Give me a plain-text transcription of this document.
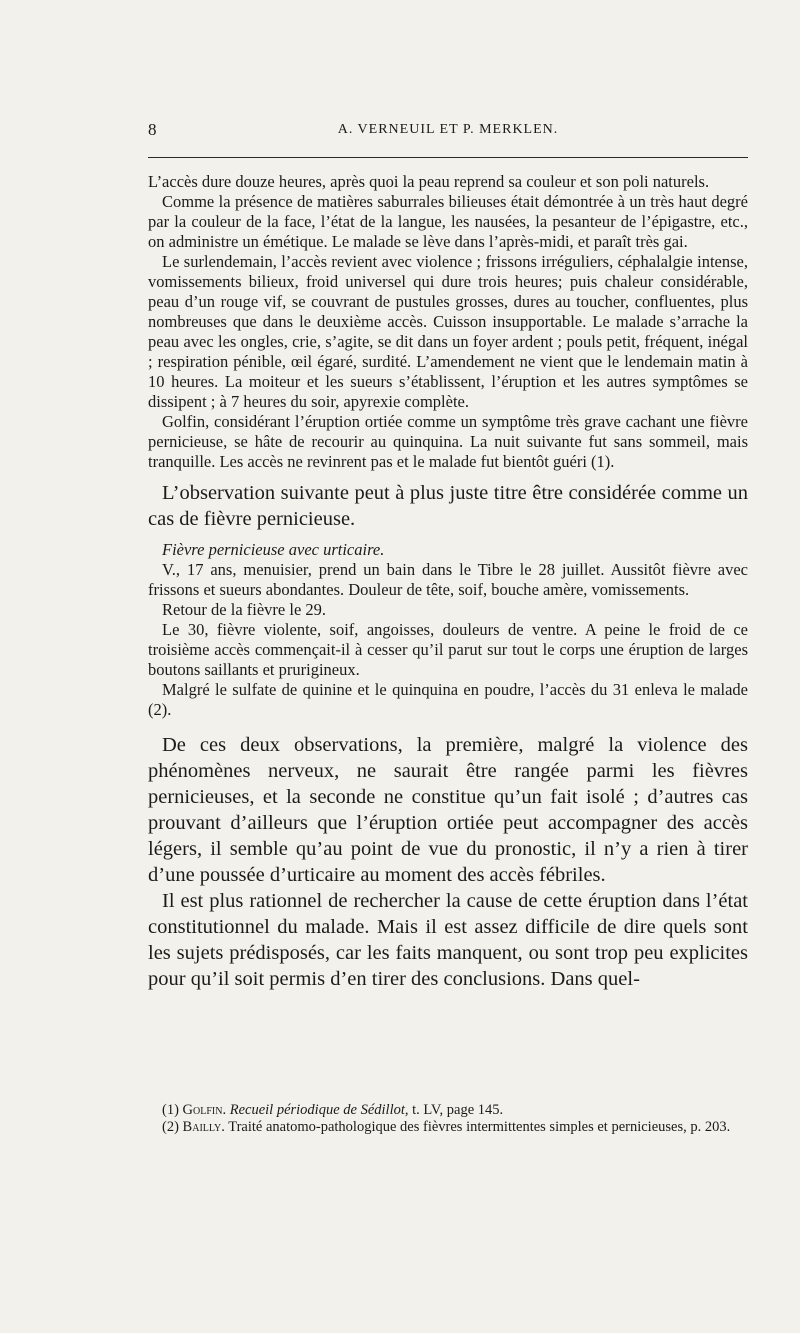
8	A. VERNEUIL ET P. MERKLEN.

L’accès dure douze heures, après quoi la peau reprend sa couleur et son poli naturels.

Comme la présence de matières saburrales bilieuses était démontrée à un très haut degré par la couleur de la face, l’état de la langue, les nausées, la pesanteur de l’épigastre, etc., on administre un émétique. Le malade se lève dans l’après-midi, et paraît très gai.

Le surlendemain, l’accès revient avec violence ; frissons irréguliers, céphalalgie intense, vomissements bilieux, froid universel qui dure trois heures; puis chaleur considérable, peau d’un rouge vif, se couvrant de pustules grosses, dures au toucher, confluentes, plus nombreuses que dans le deuxième accès. Cuisson insupportable. Le malade s’arrache la peau avec les ongles, crie, s’agite, se dit dans un foyer ardent ; pouls petit, fréquent, inégal ; respiration pénible, œil égaré, surdité. L’amendement ne vient que le lendemain matin à 10 heures. La moiteur et les sueurs s’établissent, l’éruption et les autres symptômes se dissipent ; à 7 heures du soir, apyrexie complète.

Golfin, considérant l’éruption ortiée comme un symptôme très grave cachant une fièvre pernicieuse, se hâte de recourir au quinquina. La nuit suivante fut sans sommeil, mais tranquille. Les accès ne revinrent pas et le malade fut bientôt guéri (1).

L’observation suivante peut à plus juste titre être considérée comme un cas de fièvre pernicieuse.

Fièvre pernicieuse avec urticaire.

V., 17 ans, menuisier, prend un bain dans le Tibre le 28 juillet. Aussitôt fièvre avec frissons et sueurs abondantes. Douleur de tête, soif, bouche amère, vomissements.

Retour de la fièvre le 29.

Le 30, fièvre violente, soif, angoisses, douleurs de ventre. A peine le froid de ce troisième accès commençait-il à cesser qu’il parut sur tout le corps une éruption de larges boutons saillants et prurigineux.

Malgré le sulfate de quinine et le quinquina en poudre, l’accès du 31 enleva le malade (2).

De ces deux observations, la première, malgré la violence des phénomènes nerveux, ne saurait être rangée parmi les fièvres pernicieuses, et la seconde ne constitue qu’un fait isolé ; d’autres cas prouvant d’ailleurs que l’éruption ortiée peut accompagner des accès légers, il semble qu’au point de vue du pronostic, il n’y a rien à tirer d’une poussée d’urticaire au moment des accès fébriles.

Il est plus rationnel de rechercher la cause de cette éruption dans l’état constitutionnel du malade. Mais il est assez difficile de dire quels sont les sujets prédisposés, car les faits manquent, ou sont trop peu explicites pour qu’il soit permis d’en tirer des conclusions. Dans quel-

(1) Golfin. Recueil périodique de Sédillot, t. LV, page 145.

(2) Bailly. Traité anatomo-pathologique des fièvres intermittentes simples et pernicieuses, p. 203.
